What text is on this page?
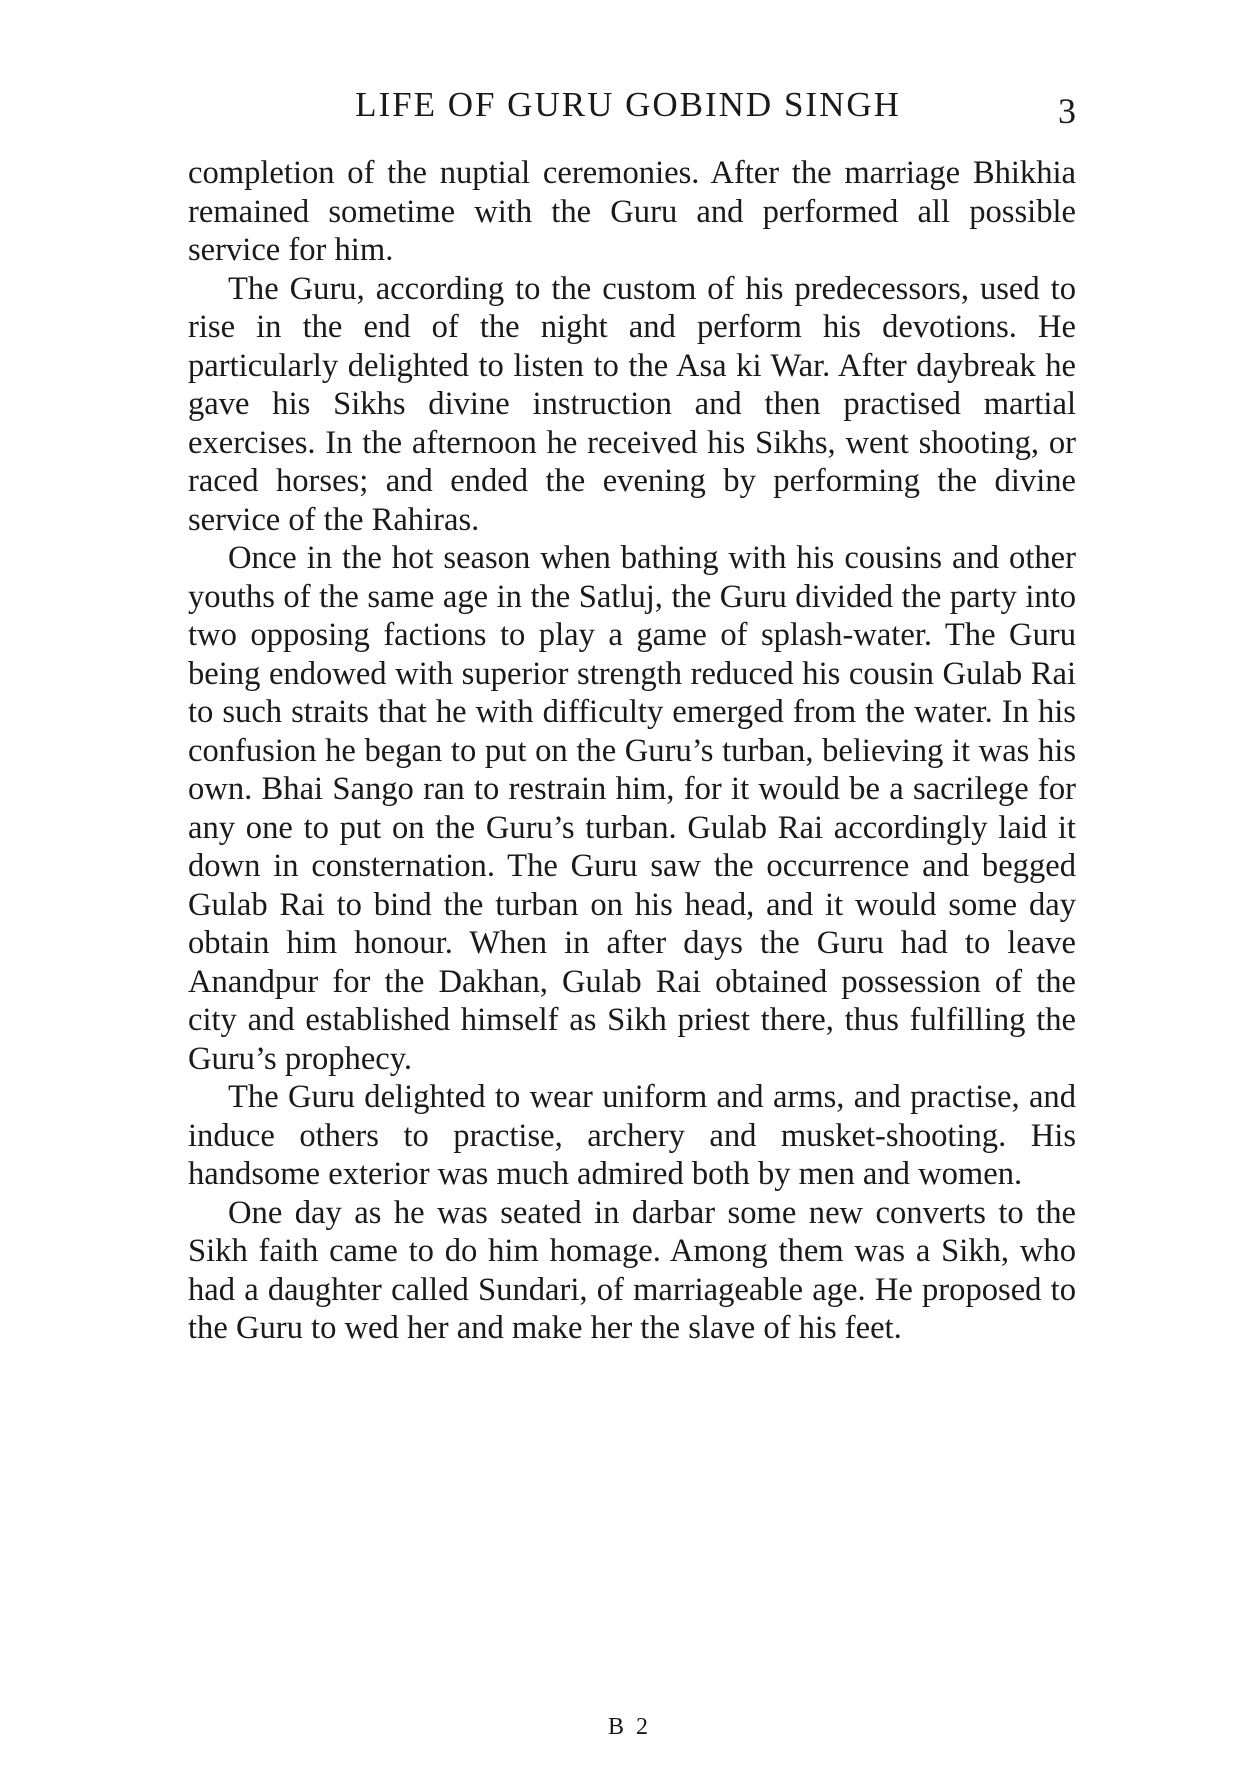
LIFE OF GURU GOBIND SINGH	3

completion of the nuptial ceremonies. After the marriage Bhikhia remained sometime with the Guru and performed all possible service for him.

The Guru, according to the custom of his predecessors, used to rise in the end of the night and perform his devotions. He particularly delighted to listen to the Asa ki War. After daybreak he gave his Sikhs divine instruction and then practised martial exercises. In the afternoon he received his Sikhs, went shooting, or raced horses; and ended the evening by performing the divine service of the Rahiras.

Once in the hot season when bathing with his cousins and other youths of the same age in the Satluj, the Guru divided the party into two opposing factions to play a game of splash-water. The Guru being endowed with superior strength reduced his cousin Gulab Rai to such straits that he with difficulty emerged from the water. In his confusion he began to put on the Guru’s turban, believing it was his own. Bhai Sango ran to restrain him, for it would be a sacrilege for any one to put on the Guru’s turban. Gulab Rai accordingly laid it down in consternation. The Guru saw the occurrence and begged Gulab Rai to bind the turban on his head, and it would some day obtain him honour. When in after days the Guru had to leave Anandpur for the Dakhan, Gulab Rai obtained possession of the city and established himself as Sikh priest there, thus fulfilling the Guru’s prophecy.

The Guru delighted to wear uniform and arms, and practise, and induce others to practise, archery and musket-shooting. His handsome exterior was much admired both by men and women.

One day as he was seated in darbar some new converts to the Sikh faith came to do him homage. Among them was a Sikh, who had a daughter called Sundari, of marriageable age. He proposed to the Guru to wed her and make her the slave of his feet.

B 2
